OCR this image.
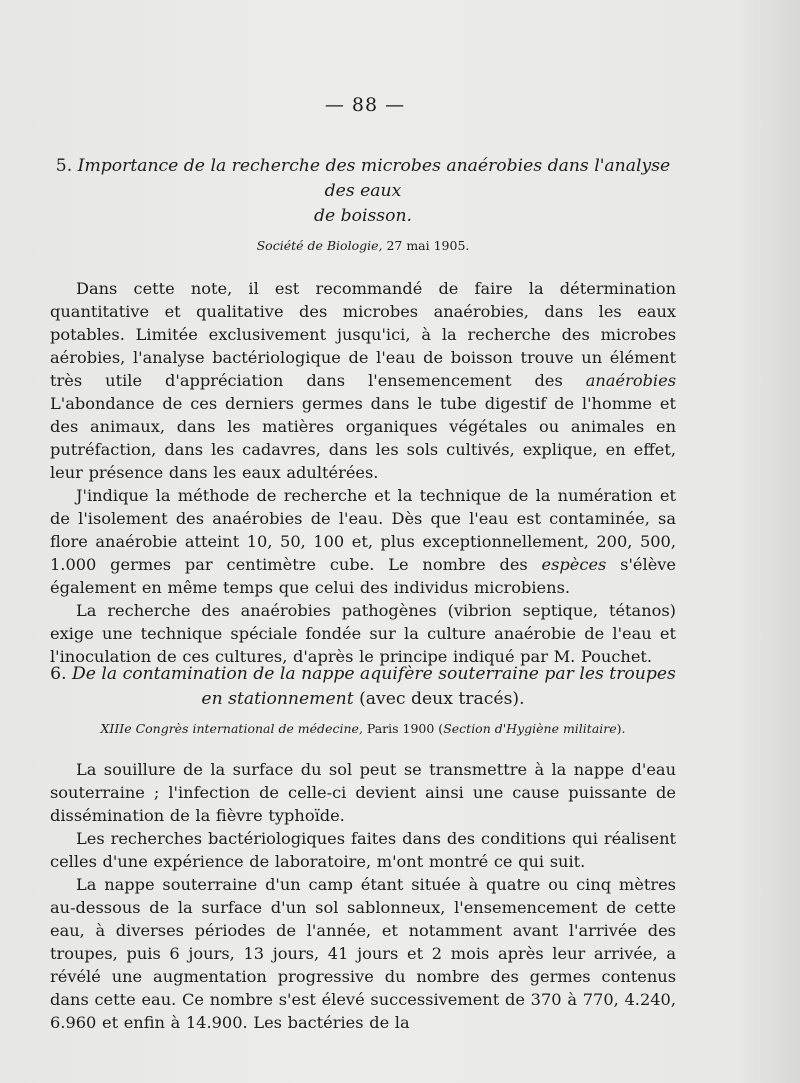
— 88 —
5. Importance de la recherche des microbes anaérobies dans l'analyse des eaux
de boisson.
Société de Biologie, 27 mai 1905.

Dans cette note, il est recommandé de faire la détermination quantitative et qualitative des microbes anaérobies, dans les eaux potables. Limitée exclusivement jusqu'ici, à la recherche des microbes aérobies, l'analyse bactériologique de l'eau de boisson trouve un élément très utile d'appréciation dans l'ensemencement des anaérobies L'abondance de ces derniers germes dans le tube digestif de l'homme et des animaux, dans les matières organiques végétales ou animales en putréfaction, dans les cadavres, dans les sols cultivés, explique, en effet, leur présence dans les eaux adultérées.

J'indique la méthode de recherche et la technique de la numération et de l'isolement des anaérobies de l'eau. Dès que l'eau est contaminée, sa flore anaérobie atteint 10, 50, 100 et, plus exceptionnellement, 200, 500, 1.000 germes par centimètre cube. Le nombre des espèces s'élève également en même temps que celui des individus microbiens.

La recherche des anaérobies pathogènes (vibrion septique, tétanos) exige une technique spéciale fondée sur la culture anaérobie de l'eau et l'inoculation de ces cultures, d'après le principe indiqué par M. Pouchet.

6. De la contamination de la nappe aquifère souterraine par les troupes
en stationnement (avec deux tracés).
XIIIe Congrès international de médecine, Paris 1900 (Section d'Hygiène militaire).

La souillure de la surface du sol peut se transmettre à la nappe d'eau souterraine ; l'infection de celle-ci devient ainsi une cause puissante de dissémination de la fièvre typhoïde.

Les recherches bactériologiques faites dans des conditions qui réalisent celles d'une expérience de laboratoire, m'ont montré ce qui suit.

La nappe souterraine d'un camp étant située à quatre ou cinq mètres au-dessous de la surface d'un sol sablonneux, l'ensemencement de cette eau, à diverses périodes de l'année, et notamment avant l'arrivée des troupes, puis 6 jours, 13 jours, 41 jours et 2 mois après leur arrivée, a révélé une augmentation progressive du nombre des germes contenus dans cette eau. Ce nombre s'est élevé successivement de 370 à 770, 4.240, 6.960 et enfin à 14.900. Les bactéries de la
